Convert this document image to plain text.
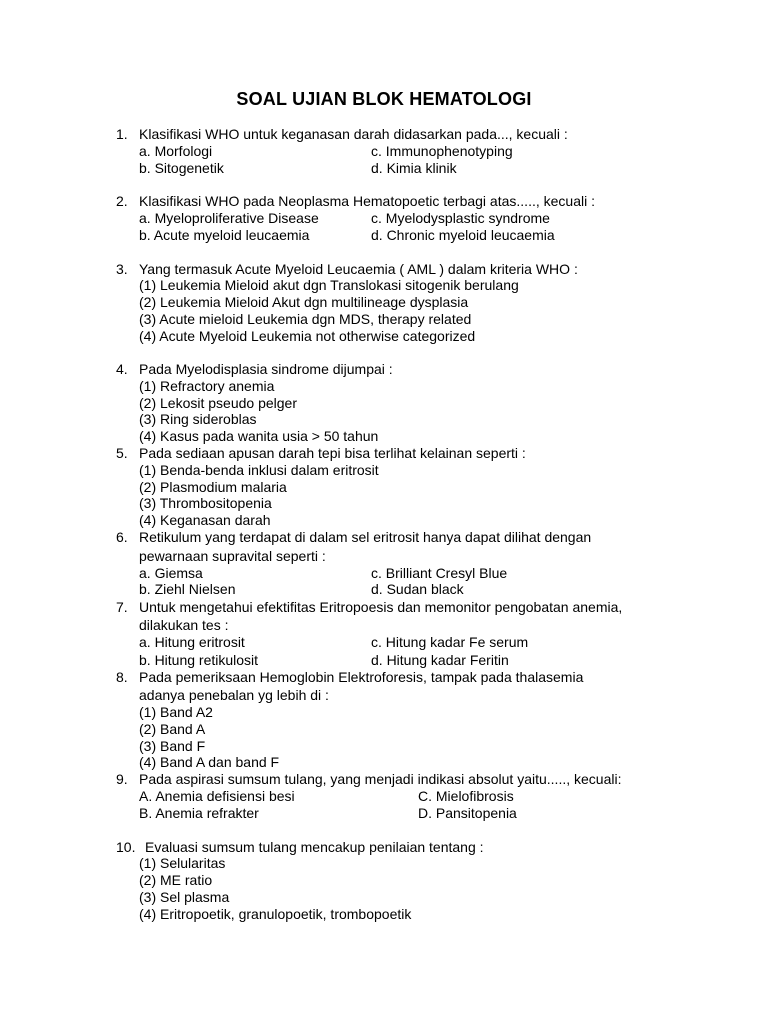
SOAL UJIAN BLOK HEMATOLOGI
1. Klasifikasi WHO untuk keganasan darah didasarkan pada..., kecuali :
a. Morfologi	c. Immunophenotyping
b. Sitogenetik	d. Kimia klinik
2. Klasifikasi WHO pada Neoplasma Hematopoetic terbagi atas....., kecuali :
a. Myeloproliferative Disease	c. Myelodysplastic syndrome
b. Acute myeloid leucaemia	d. Chronic myeloid leucaemia
3. Yang termasuk Acute Myeloid Leucaemia ( AML ) dalam kriteria WHO :
(1) Leukemia Mieloid akut dgn Translokasi sitogenik berulang
(2) Leukemia Mieloid Akut dgn multilineage dysplasia
(3) Acute mieloid Leukemia dgn MDS, therapy related
(4) Acute Myeloid Leukemia not otherwise categorized
4. Pada Myelodisplasia sindrome dijumpai :
(1) Refractory anemia
(2) Lekosit pseudo pelger
(3) Ring sideroblas
(4) Kasus pada wanita usia > 50 tahun
5. Pada sediaan apusan darah tepi bisa terlihat kelainan seperti :
(1) Benda-benda inklusi dalam eritrosit
(2) Plasmodium malaria
(3) Thrombositopenia
(4) Keganasan darah
6. Retikulum yang terdapat di dalam sel eritrosit hanya dapat dilihat dengan
pewarnaan supravital seperti :
a. Giemsa	c. Brilliant Cresyl Blue
b. Ziehl Nielsen	d. Sudan black
7. Untuk mengetahui efektifitas Eritropoesis dan memonitor pengobatan anemia,
dilakukan tes :
a. Hitung eritrosit	c. Hitung kadar Fe serum
b. Hitung retikulosit	d. Hitung kadar Feritin
8. Pada pemeriksaan Hemoglobin Elektroforesis, tampak pada thalasemia
adanya penebalan yg lebih di :
(1) Band A2
(2) Band A
(3) Band F
(4) Band A dan band F
9. Pada aspirasi sumsum tulang, yang menjadi indikasi absolut yaitu....., kecuali:
A. Anemia defisiensi besi	C. Mielofibrosis
B. Anemia refrakter	D. Pansitopenia
10. Evaluasi sumsum tulang mencakup penilaian tentang :
(1) Selularitas
(2) ME ratio
(3) Sel plasma
(4) Eritropoetik, granulopoetik, trombopoetik
